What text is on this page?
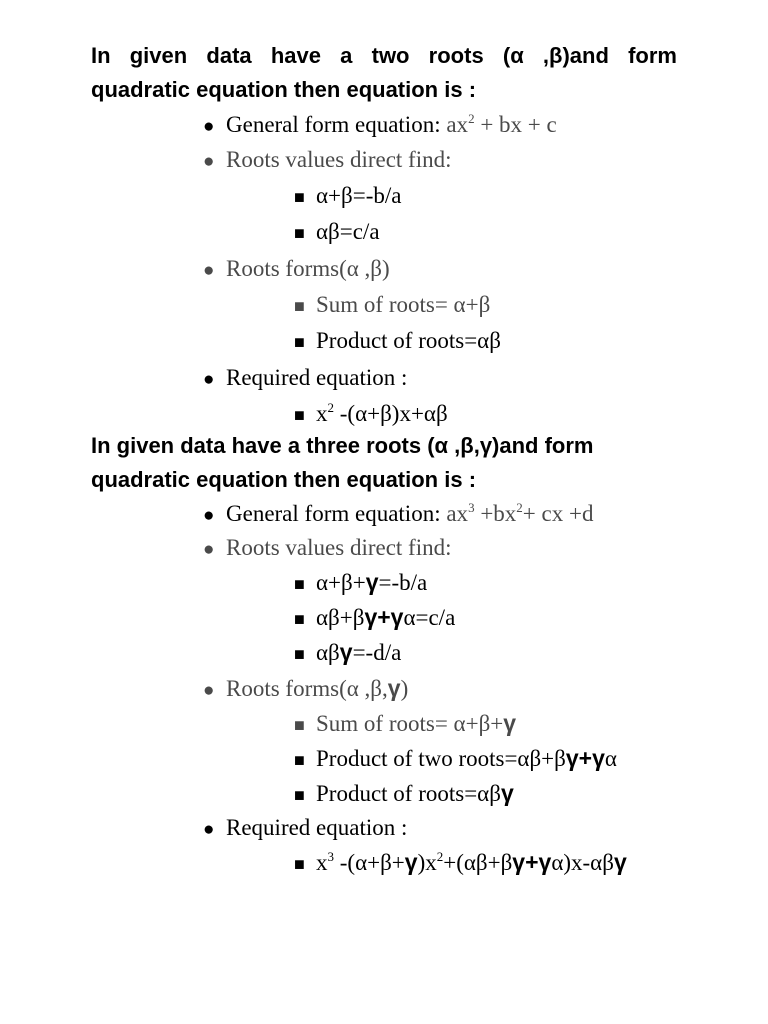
In given data have a two roots (α ,β)and form
quadratic equation then equation is :
● General form equation: $ax^2$ + bx + c
● Roots values direct find:
■ α+β=-b/a
■ αβ=c/a
● Roots forms(α ,β)
■ Sum of roots= α+β
■ Product of roots=αβ
● Required equation :
■ $x^2$ -(α+β)x+αβ
In given data have a three roots (α ,β,γ)and form
quadratic equation then equation is :
● General form equation: $ax^3 +bx^2+$ cx +d
● Roots values direct find:
■ α+β+γ=-b/a
■ αβ+βγ+γα=c/a
■ αβγ=-d/a
● Roots forms(α ,β,γ)
■ Sum of roots= α+β+γ
■ Product of two roots=αβ+βγ+γα
■ Product of roots=αβγ
● Required equation :
■ $x^3$ $-(\alpha+\beta+\gamma)x^2+(\alpha\beta+\beta\gamma+\gamma\alpha)x$-αβγ
